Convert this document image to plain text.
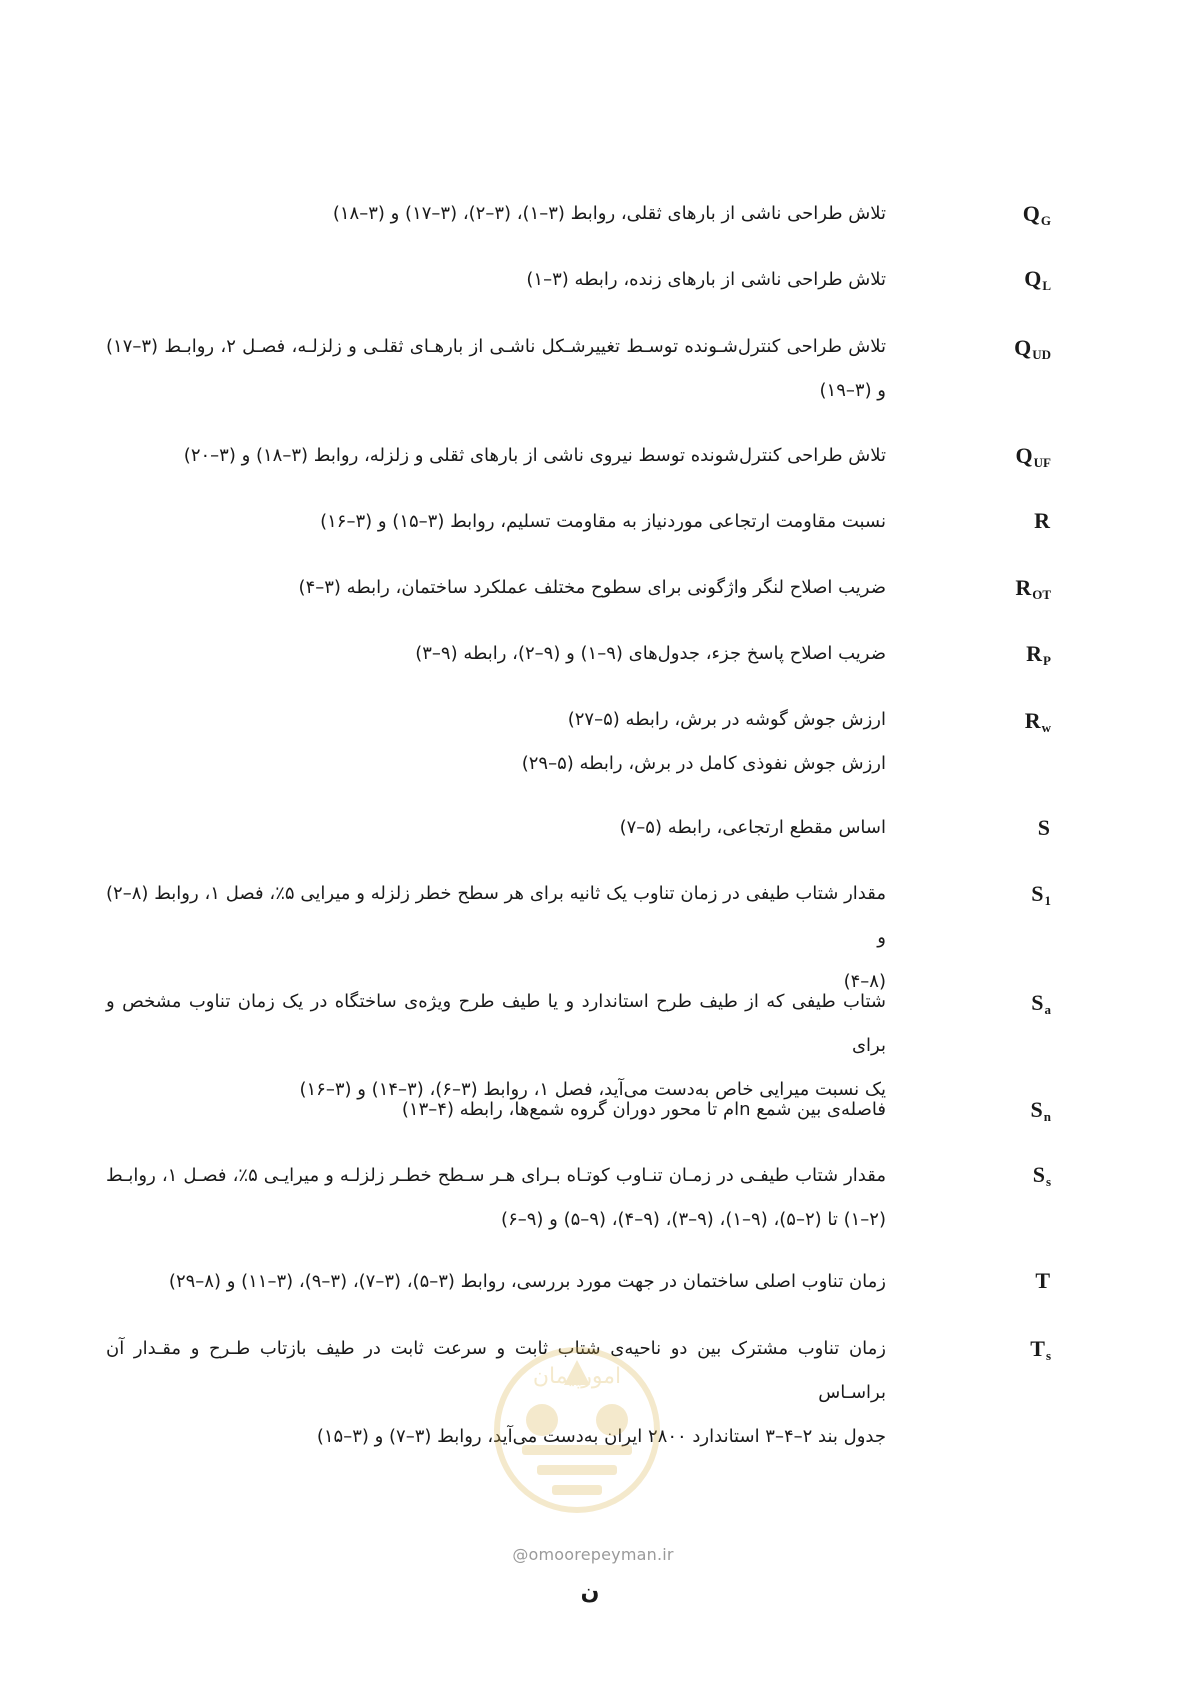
$Q_G$
تلاش طراحی ناشی از بارهای ثقلی، روابط (۳–۱)، (۳–۲)، (۳–۱۷) و (۳–۱۸)
$Q_L$
تلاش طراحی ناشی از بارهای زنده، رابطه (۳–۱)
$Q_{UD}$
تلاش طراحی کنترل‌شـونده توسـط تغییرشـکل ناشـی از بارهـای ثقلـی و زلزلـه، فصـل ۲، روابـط (۳–۱۷)
و (۳–۱۹)
$Q_{UF}$
تلاش طراحی کنترل‌شونده توسط نیروی ناشی از بارهای ثقلی و زلزله، روابط (۳–۱۸) و (۳–۲۰)
R
نسبت مقاومت ارتجاعی موردنیاز به مقاومت تسلیم، روابط (۳–۱۵) و (۳–۱۶)
$R_{OT}$
ضریب اصلاح لنگر واژگونی برای سطوح مختلف عملکرد ساختمان، رابطه (۳–۴)
$R_P$
ضریب اصلاح پاسخ جزء، جدول‌های (۹–۱) و (۹–۲)، رابطه (۹–۳)
$R_w$
ارزش جوش گوشه در برش، رابطه (۵–۲۷)
ارزش جوش نفوذی کامل در برش، رابطه (۵–۲۹)
S
اساس مقطع ارتجاعی، رابطه (۵–۷)
$S_1$
مقدار شتاب طیفی در زمان تناوب یک ثانیه برای هر سطح خطر زلزله و میرایی ۵٪، فصل ۱، روابط (۸–۲) و
(۸–۴)
$S_a$
شتاب طیفی که از طیف طرح استاندارد و یا طیف طرح ویژه‌ی ساختگاه در یک زمان تناوب مشخص و برای
یک نسبت میرایی خاص به‌دست می‌آید، فصل ۱، روابط (۳–۶)، (۳–۱۴) و (۳–۱۶)
$S_n$
فاصله‌ی بین شمع n‌ام تا محور دوران گروه شمع‌ها، رابطه (۴–۱۳)
$S_s$
مقدار شتاب طیفـی در زمـان تنـاوب کوتـاه بـرای هـر سـطح خطـر زلزلـه و میرایـی ۵٪، فصـل ۱، روابـط
(۲–۱) تا (۲–۵)، (۹–۱)، (۹–۳)، (۹–۴)، (۹–۵) و (۹–۶)
T
زمان تناوب اصلی ساختمان در جهت مورد بررسی، روابط (۳–۵)، (۳–۷)، (۳–۹)، (۳–۱۱) و (۸–۲۹)
$T_s$
زمان تناوب مشترک بین دو ناحیه‌ی شتاب ثابت و سرعت ثابت در طیف بازتاب طـرح و مقـدار آن براسـاس
جدول بند ۲–۴–۳ استاندارد ۲۸۰۰ ایران به‌دست می‌آید، روابط (۳–۷) و (۳–۱۵)
امورپیمان
@omoorepeyman.ir
ن
